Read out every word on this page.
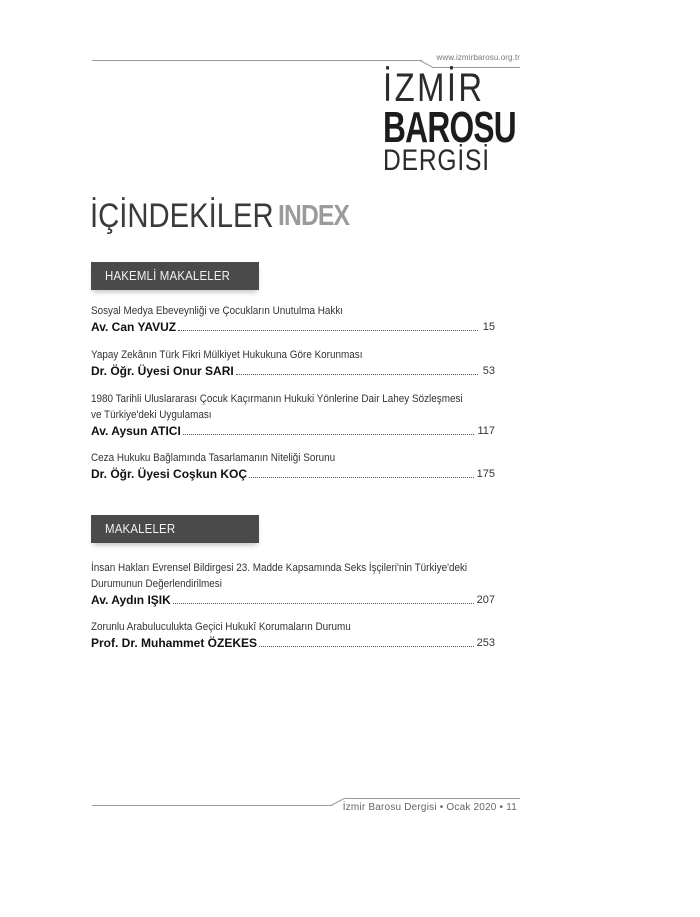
www.izmirbarosu.org.tr
İZMİR
BAROSU
DERGİSİ
İÇİNDEKİLER INDEX
HAKEMLİ MAKALELER
Sosyal Medya Ebeveynliği ve Çocukların Unutulma Hakkı
Av. Can YAVUZ	15
Yapay Zekânın Türk Fikri Mülkiyet Hukukuna Göre Korunması
Dr. Öğr. Üyesi Onur SARI	53
1980 Tarihli Uluslararası Çocuk Kaçırmanın Hukuki Yönlerine Dair Lahey Sözleşmesi ve Türkiye'deki Uygulaması
Av. Aysun ATICI	117
Ceza Hukuku Bağlamında Tasarlamanın Niteliği Sorunu
Dr. Öğr. Üyesi Coşkun KOÇ	175
MAKALELER
İnsan Hakları Evrensel Bildirgesi 23. Madde Kapsamında Seks İşçileri'nin Türkiye'deki Durumunun Değerlendirilmesi
Av. Aydın IŞIK	207
Zorunlu Arabuluculukta Geçici Hukukî Korumaların Durumu
Prof. Dr. Muhammet ÖZEKES	253
İzmir Barosu Dergisi • Ocak 2020 • 11
